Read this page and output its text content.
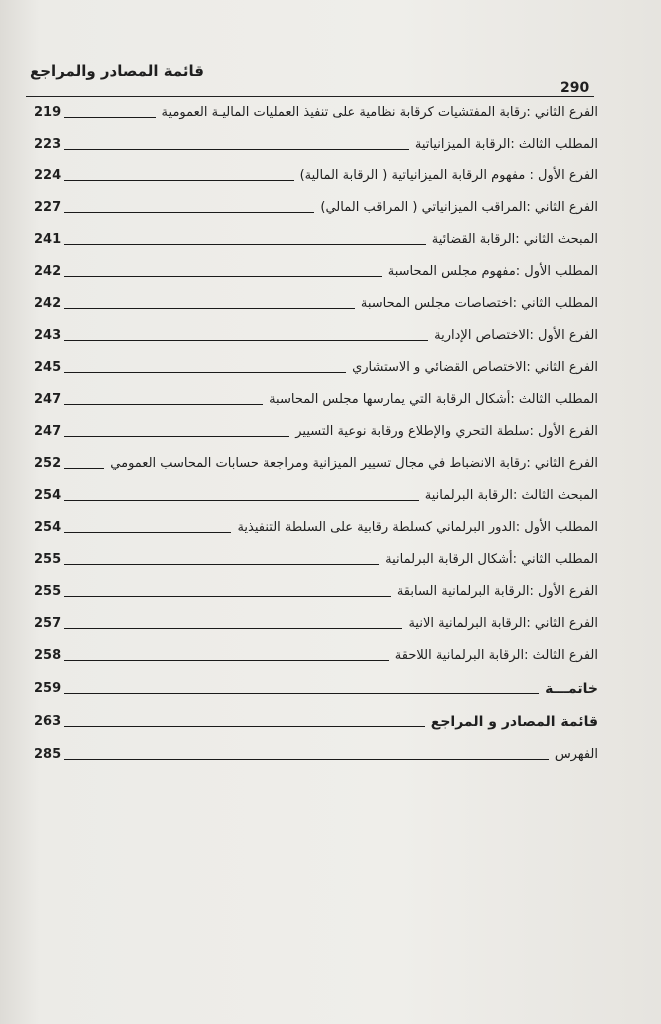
قائمة المصادر والمراجع
290
الفرع الثاني :رقابة المفتشيات كرقابة نظامية على تنفيذ العمليات الماليـة العمومية
219
المطلب الثالث :الرقابة الميزانياتية
223
الفرع الأول : مفهوم الرقابة الميزانياتية ( الرقابة المالية)
224
الفرع الثاني :المراقب الميزانياتي ( المراقب المالي)
227
المبحث الثاني :الرقابة القضائية
241
المطلب الأول :مفهوم مجلس المحاسبة
242
المطلب الثاني :اختصاصات مجلس المحاسبة
242
الفرع الأول :الاختصاص الإدارية
243
الفرع الثاني :الاختصاص القضائي و الاستشاري
245
المطلب الثالث :أشكال الرقابة التي يمارسها مجلس المحاسبة
247
الفرع الأول :سلطة التحري والإطلاع ورقابة نوعية التسيير
247
الفرع الثاني :رقابة الانضباط في مجال تسيير الميزانية ومراجعة حسابات المحاسب العمومي
252
المبحث الثالث :الرقابة البرلمانية
254
المطلب الأول :الدور البرلماني كسلطة رقابية على السلطة التنفيذية
254
المطلب الثاني :أشكال الرقابة البرلمانية
255
الفرع الأول :الرقابة البرلمانية السابقة
255
الفرع الثاني :الرقابة البرلمانية الانية
257
الفرع الثالث :الرقابة البرلمانية اللاحقة
258
خاتمـــة
259
قائمة المصادر و المراجع
263
الفهرس
285
